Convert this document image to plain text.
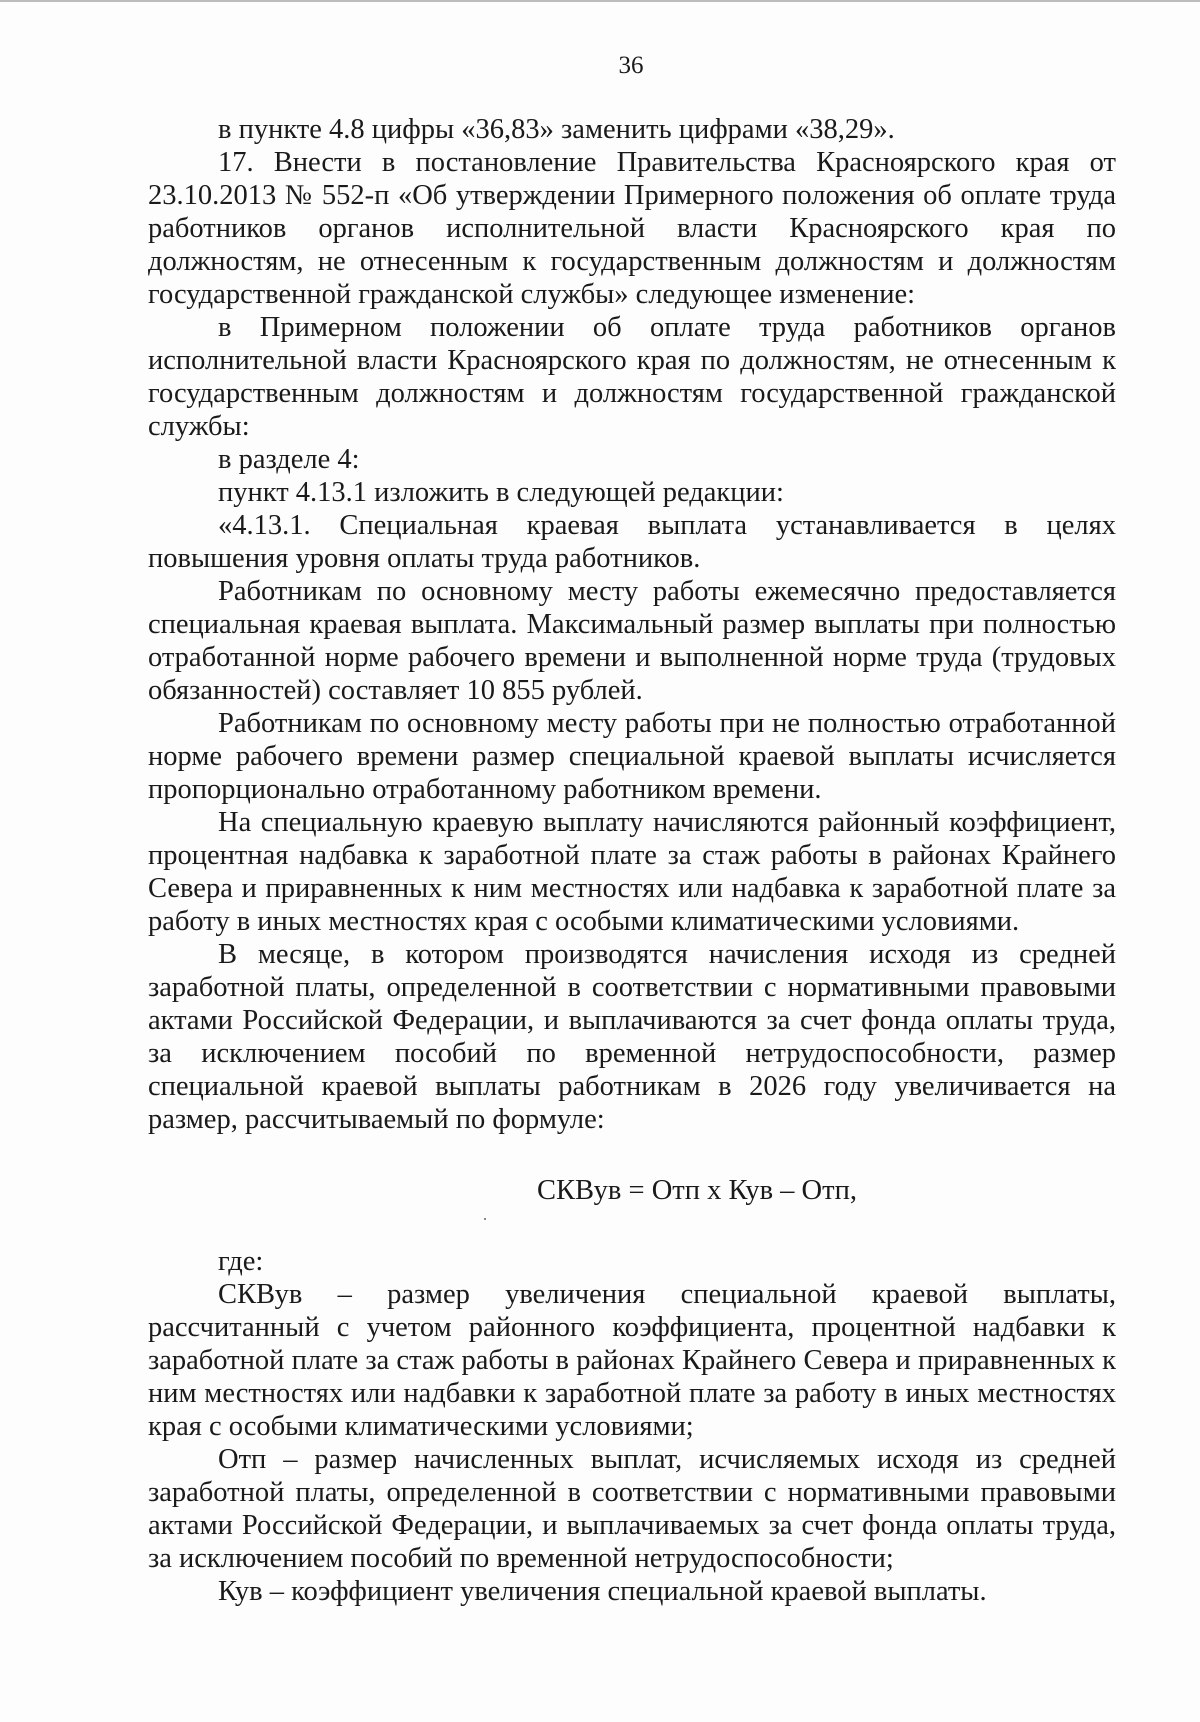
36

в пункте 4.8 цифры «36,83» заменить цифрами «38,29».

17. Внести в постановление Правительства Красноярского края от 23.10.2013 № 552-п «Об утверждении Примерного положения об оплате труда работников органов исполнительной власти Красноярского края по должностям, не отнесенным к государственным должностям и должностям государственной гражданской службы» следующее изменение:

в Примерном положении об оплате труда работников органов исполнительной власти Красноярского края по должностям, не отнесенным к государственным должностям и должностям государственной гражданской службы:

в разделе 4:

пункт 4.13.1 изложить в следующей редакции:

«4.13.1. Специальная краевая выплата устанавливается в целях повышения уровня оплаты труда работников.

Работникам по основному месту работы ежемесячно предоставляется специальная краевая выплата. Максимальный размер выплаты при полностью отработанной норме рабочего времени и выполненной норме труда (трудовых обязанностей) составляет 10 855 рублей.

Работникам по основному месту работы при не полностью отработанной норме рабочего времени размер специальной краевой выплаты исчисляется пропорционально отработанному работником времени.

На специальную краевую выплату начисляются районный коэффициент, процентная надбавка к заработной плате за стаж работы в районах Крайнего Севера и приравненных к ним местностях или надбавка к заработной плате за работу в иных местностях края с особыми климатическими условиями.

В месяце, в котором производятся начисления исходя из средней заработной платы, определенной в соответствии с нормативными правовыми актами Российской Федерации, и выплачиваются за счет фонда оплаты труда, за исключением пособий по временной нетрудоспособности, размер специальной краевой выплаты работникам в 2026 году увеличивается на размер, рассчитываемый по формуле:

СКВув = Отп х Кув – Отп,

где:

СКВув – размер увеличения специальной краевой выплаты, рассчитанный с учетом районного коэффициента, процентной надбавки к заработной плате за стаж работы в районах Крайнего Севера и приравненных к ним местностях или надбавки к заработной плате за работу в иных местностях края с особыми климатическими условиями;

Отп – размер начисленных выплат, исчисляемых исходя из средней заработной платы, определенной в соответствии с нормативными правовыми актами Российской Федерации, и выплачиваемых за счет фонда оплаты труда, за исключением пособий по временной нетрудоспособности;

Кув – коэффициент увеличения специальной краевой выплаты.
